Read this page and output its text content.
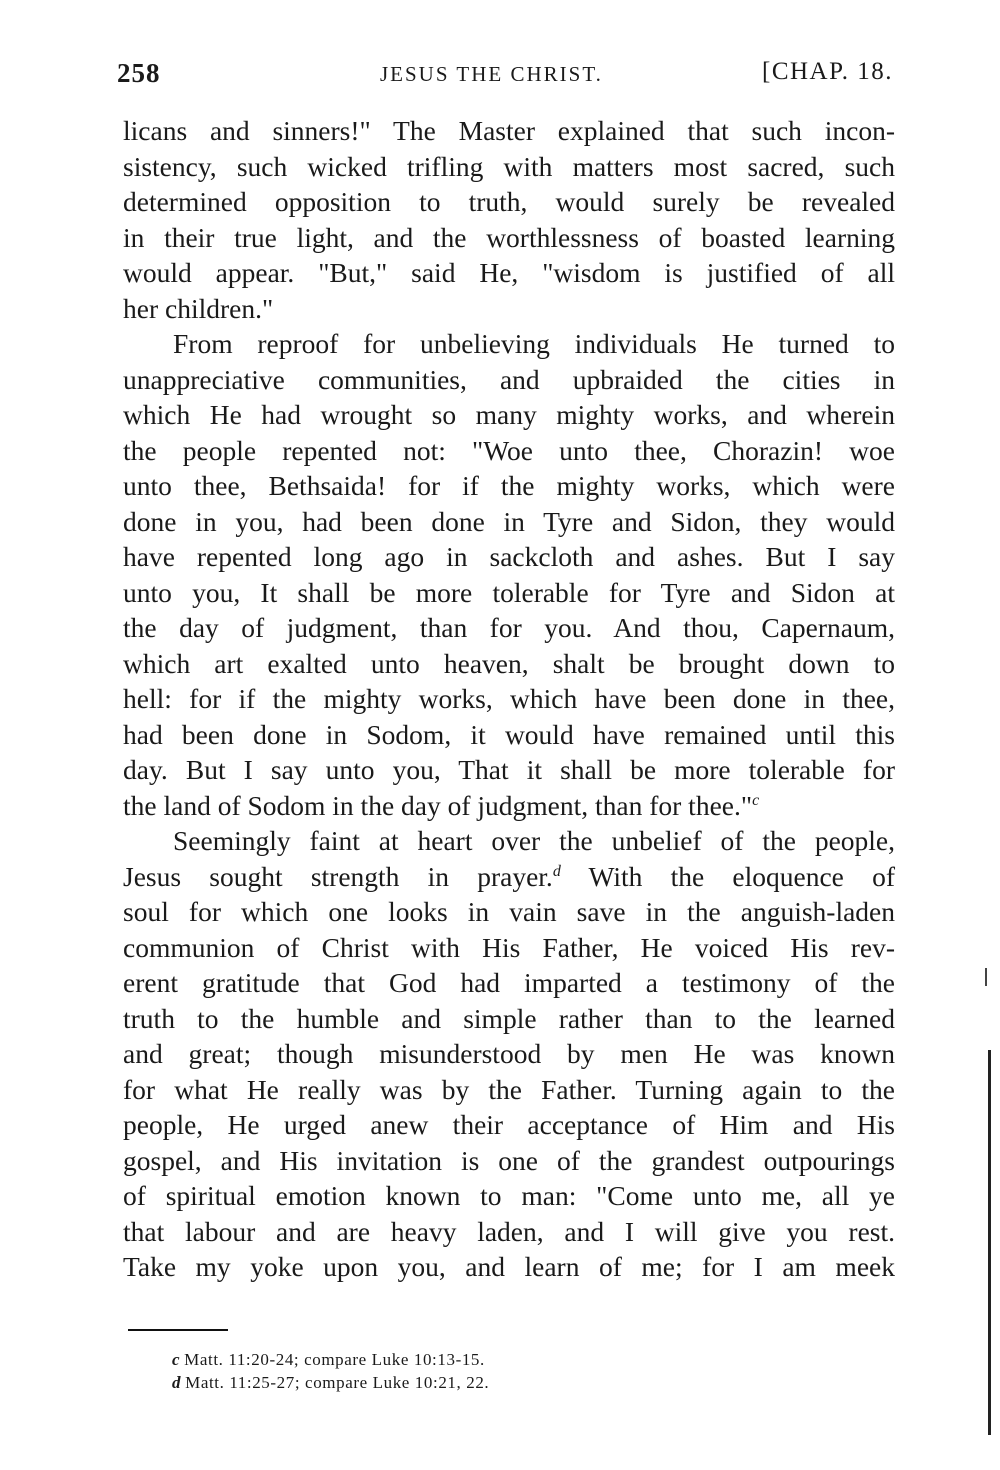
258	JESUS THE CHRIST.	[CHAP. 18.
licans and sinners!" The Master explained that such incon-
sistency, such wicked trifling with matters most sacred, such
determined opposition to truth, would surely be revealed
in their true light, and the worthlessness of boasted learning
would appear. "But," said He, "wisdom is justified of all
her children."
From reproof for unbelieving individuals He turned to
unappreciative communities, and upbraided the cities in
which He had wrought so many mighty works, and wherein
the people repented not: "Woe unto thee, Chorazin! woe
unto thee, Bethsaida! for if the mighty works, which were
done in you, had been done in Tyre and Sidon, they would
have repented long ago in sackcloth and ashes. But I say
unto you, It shall be more tolerable for Tyre and Sidon at
the day of judgment, than for you. And thou, Capernaum,
which art exalted unto heaven, shalt be brought down to
hell: for if the mighty works, which have been done in thee,
had been done in Sodom, it would have remained until this
day. But I say unto you, That it shall be more tolerable for
the land of Sodom in the day of judgment, than for thee."$^c$
Seemingly faint at heart over the unbelief of the people,
Jesus sought strength in prayer.$^d$ With the eloquence of
soul for which one looks in vain save in the anguish-laden
communion of Christ with His Father, He voiced His rev-
erent gratitude that God had imparted a testimony of the
truth to the humble and simple rather than to the learned
and great; though misunderstood by men He was known
for what He really was by the Father. Turning again to the
people, He urged anew their acceptance of Him and His
gospel, and His invitation is one of the grandest outpourings
of spiritual emotion known to man: "Come unto me, all ye
that labour and are heavy laden, and I will give you rest.
Take my yoke upon you, and learn of me; for I am meek
c Matt. 11:20-24; compare Luke 10:13-15.
d Matt. 11:25-27; compare Luke 10:21, 22.
